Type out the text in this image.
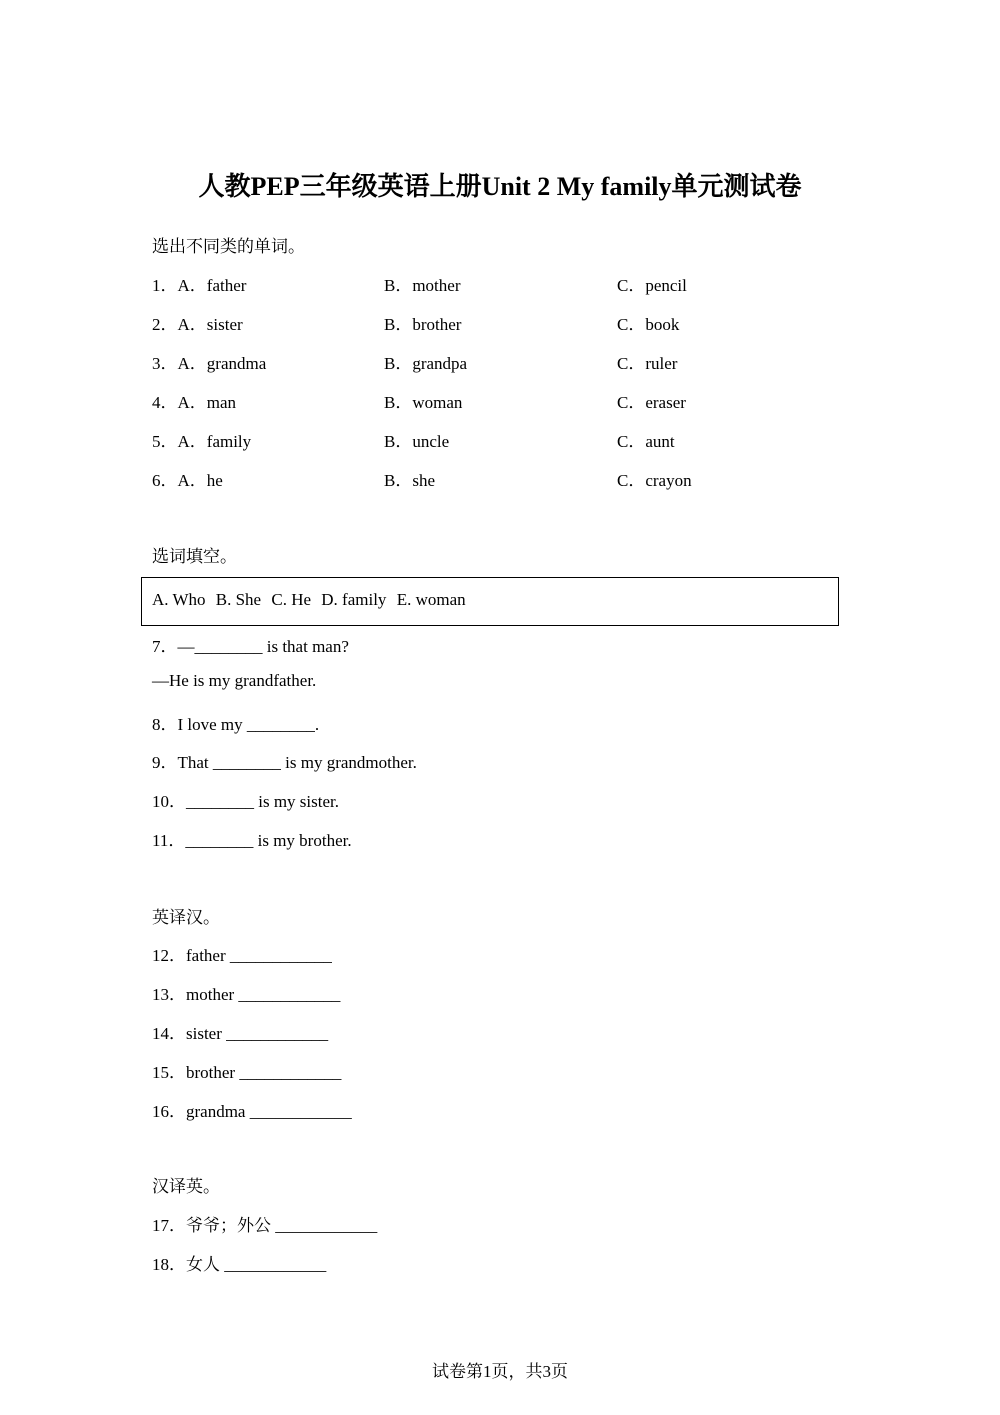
人教PEP三年级英语上册Unit 2 My family单元测试卷
选出不同类的单词。
1．A．father	B．mother	C．pencil
2．A．sister	B．brother	C．book
3．A．grandma	B．grandpa	C．ruler
4．A．man	B．woman	C．eraser
5．A．family	B．uncle	C．aunt
6．A．he	B．she	C．crayon
选词填空。
A. Who B. She C. He D. family E. woman
7．—________ is that man?
—He is my grandfather.
8．I love my ________.
9．That ________ is my grandmother.
10．________ is my sister.
11．________ is my brother.
英译汉。
12．father ____________
13．mother ____________
14．sister ____________
15．brother ____________
16．grandma ____________
汉译英。
17．爷爷；外公 ____________
18．女人 ____________
试卷第1页，共3页
